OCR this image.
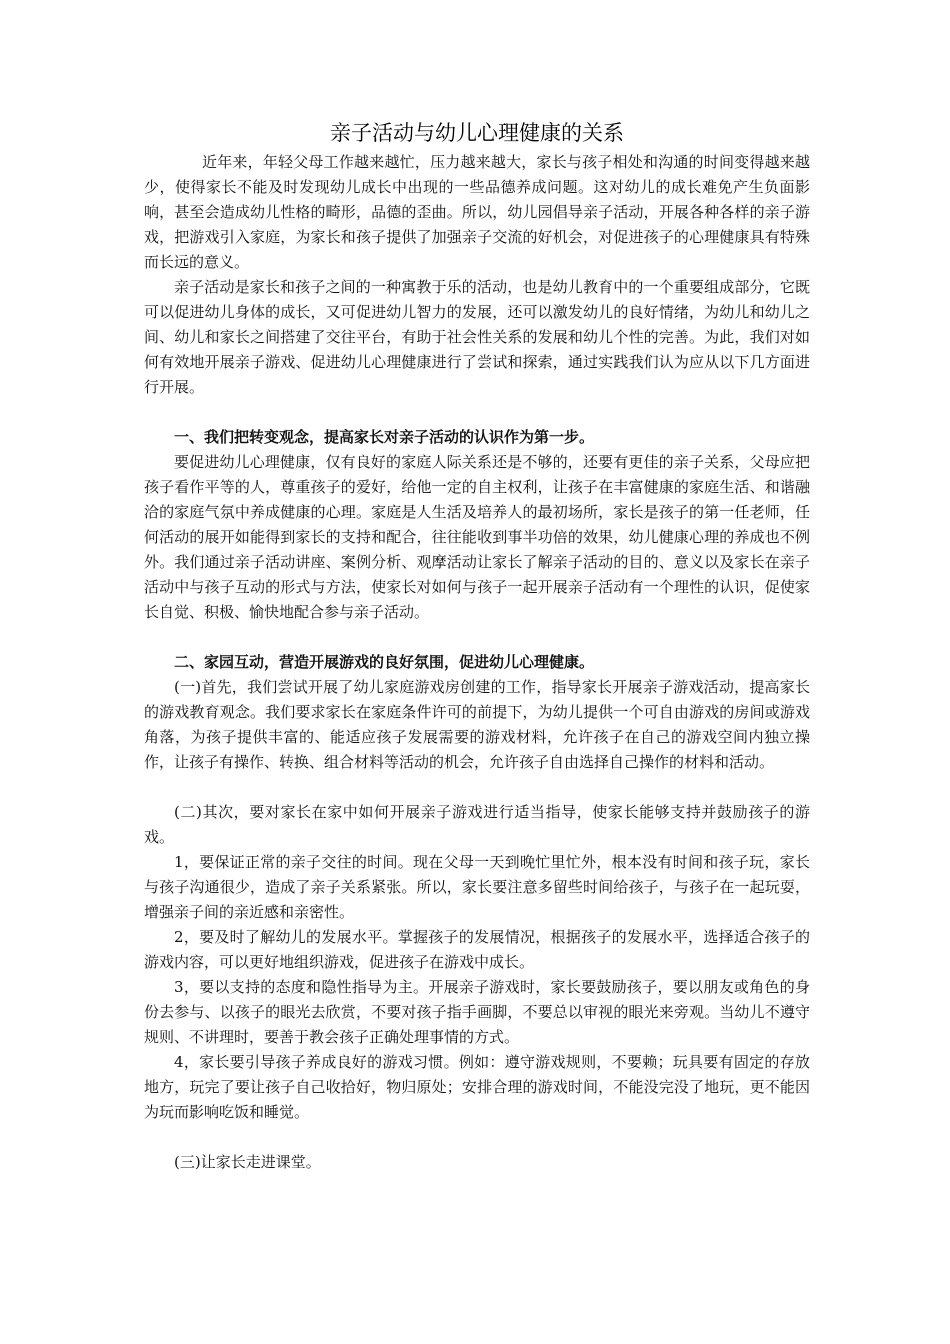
亲子活动与幼儿心理健康的关系

近年来，年轻父母工作越来越忙，压力越来越大，家长与孩子相处和沟通的时间变得越来越少，使得家长不能及时发现幼儿成长中出现的一些品德养成问题。这对幼儿的成长难免产生负面影响，甚至会造成幼儿性格的畸形，品德的歪曲。所以，幼儿园倡导亲子活动，开展各种各样的亲子游戏，把游戏引入家庭，为家长和孩子提供了加强亲子交流的好机会，对促进孩子的心理健康具有特殊而长远的意义。

亲子活动是家长和孩子之间的一种寓教于乐的活动，也是幼儿教育中的一个重要组成部分，它既可以促进幼儿身体的成长，又可促进幼儿智力的发展，还可以激发幼儿的良好情绪，为幼儿和幼儿之间、幼儿和家长之间搭建了交往平台，有助于社会性关系的发展和幼儿个性的完善。为此，我们对如何有效地开展亲子游戏、促进幼儿心理健康进行了尝试和探索，通过实践我们认为应从以下几方面进行开展。

一、我们把转变观念，提高家长对亲子活动的认识作为第一步。

要促进幼儿心理健康，仅有良好的家庭人际关系还是不够的，还要有更佳的亲子关系，父母应把孩子看作平等的人，尊重孩子的爱好，给他一定的自主权利，让孩子在丰富健康的家庭生活、和谐融洽的家庭气氛中养成健康的心理。家庭是人生活及培养人的最初场所，家长是孩子的第一任老师，任何活动的展开如能得到家长的支持和配合，往往能收到事半功倍的效果，幼儿健康心理的养成也不例外。我们通过亲子活动讲座、案例分析、观摩活动让家长了解亲子活动的目的、意义以及家长在亲子活动中与孩子互动的形式与方法，使家长对如何与孩子一起开展亲子活动有一个理性的认识，促使家长自觉、积极、愉快地配合参与亲子活动。

二、家园互动，营造开展游戏的良好氛围，促进幼儿心理健康。

(一)首先，我们尝试开展了幼儿家庭游戏房创建的工作，指导家长开展亲子游戏活动，提高家长的游戏教育观念。我们要求家长在家庭条件许可的前提下，为幼儿提供一个可自由游戏的房间或游戏角落，为孩子提供丰富的、能适应孩子发展需要的游戏材料，允许孩子在自己的游戏空间内独立操作，让孩子有操作、转换、组合材料等活动的机会，允许孩子自由选择自己操作的材料和活动。

(二)其次，要对家长在家中如何开展亲子游戏进行适当指导，使家长能够支持并鼓励孩子的游戏。

1，要保证正常的亲子交往的时间。现在父母一天到晚忙里忙外，根本没有时间和孩子玩，家长与孩子沟通很少，造成了亲子关系紧张。所以，家长要注意多留些时间给孩子，与孩子在一起玩耍，增强亲子间的亲近感和亲密性。

2，要及时了解幼儿的发展水平。掌握孩子的发展情况，根据孩子的发展水平，选择适合孩子的游戏内容，可以更好地组织游戏，促进孩子在游戏中成长。

3，要以支持的态度和隐性指导为主。开展亲子游戏时，家长要鼓励孩子，要以朋友或角色的身份去参与、以孩子的眼光去欣赏，不要对孩子指手画脚，不要总以审视的眼光来旁观。当幼儿不遵守规则、不讲理时，要善于教会孩子正确处理事情的方式。

4，家长要引导孩子养成良好的游戏习惯。例如：遵守游戏规则，不要赖；玩具要有固定的存放地方，玩完了要让孩子自己收拾好，物归原处；安排合理的游戏时间，不能没完没了地玩，更不能因为玩而影响吃饭和睡觉。

(三)让家长走进课堂。
